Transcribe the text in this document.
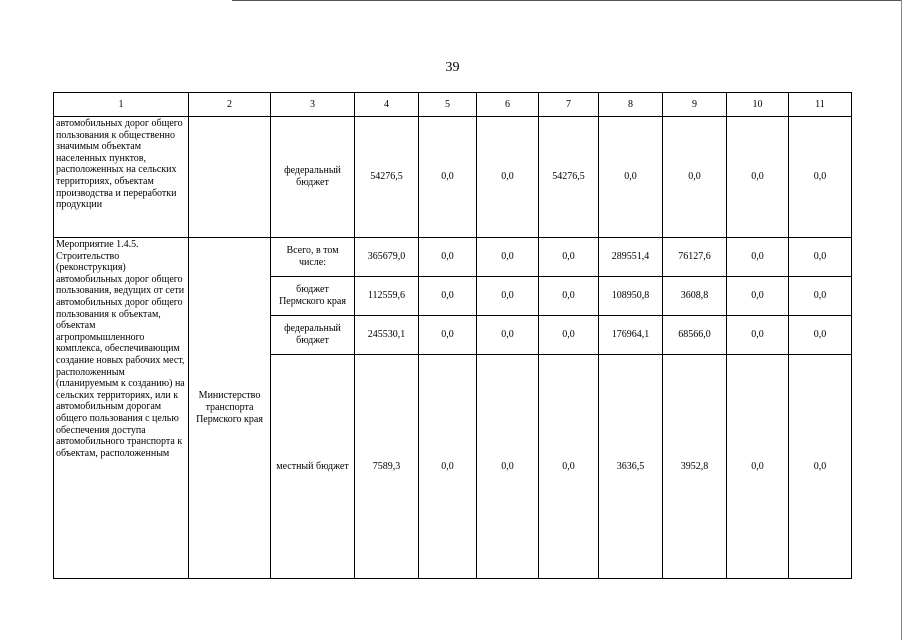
39
1	2	3	4	5	6	7	8	9	10	11
автомобильных дорог общего пользования к общественно значимым объектам населенных пунктов, расположенных на сельских территориях, объектам производства и переработки продукции		федеральный бюджет	54276,5	0,0	0,0	54276,5	0,0	0,0	0,0	0,0
Мероприятие 1.4.5. Строительство (реконструкция) автомобильных дорог общего пользования, ведущих от сети автомобильных дорог общего пользования к объектам, объектам агропромышленного комплекса, обеспечивающим создание новых рабочих мест, расположенным (планируемым к созданию) на сельских территориях, или к автомобильным дорогам общего пользования с целью обеспечения доступа автомобильного транспорта к объектам, расположенным	Министерство транспорта Пермского края	Всего, в том числе:	365679,0	0,0	0,0	0,0	289551,4	76127,6	0,0	0,0
		бюджет Пермского края	112559,6	0,0	0,0	0,0	108950,8	3608,8	0,0	0,0
		федеральный бюджет	245530,1	0,0	0,0	0,0	176964,1	68566,0	0,0	0,0
		местный бюджет	7589,3	0,0	0,0	0,0	3636,5	3952,8	0,0	0,0
